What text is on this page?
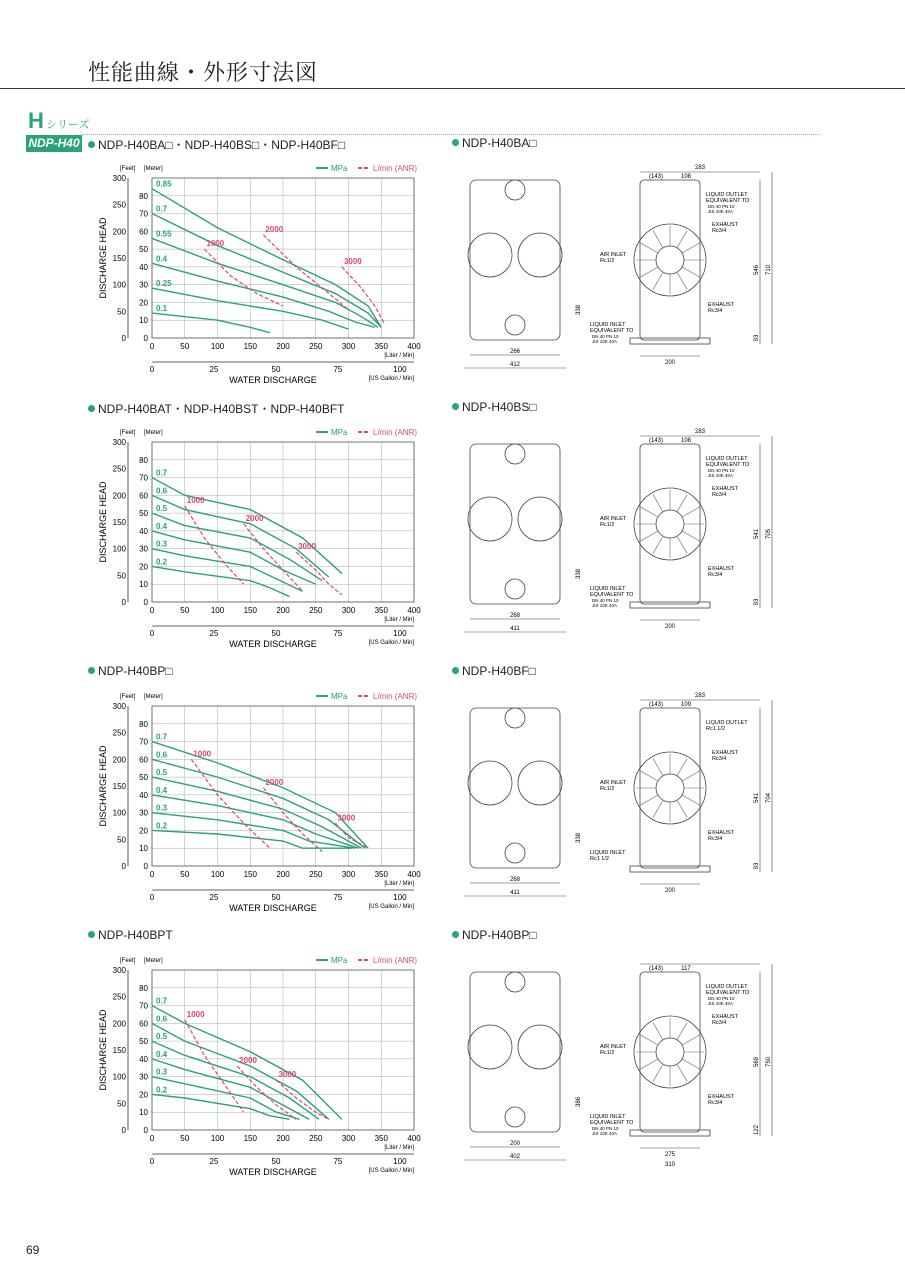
性能曲線・外形寸法図
H シリーズ
NDP-H40	NDP-H40BA□・NDP-H40BS□・NDP-H40BF□
NDP-H40BAT・NDP-H40BST・NDP-H40BFT
NDP-H40BP□
NDP-H40BPT
NDP-H40BA□
NDP-H40BS□
NDP-H40BF□
NDP-H40BP□
[Feet] [Meter]
300
250
200
150
100
50
0
80
70
60
50
40
30
20
10
0
DISCHARGE HEAD
0	50	100 150 200 250 300 350 400
[Liter / Min]
0	25	50	75	100
[US Gallon / Min]
WATER DISCHARGE
MPa	L/min (ANR)
0.85
0.7
0.55
0.4
0.25
0.1
1000
2000
3000
[Feet] [Meter]
300
250
200
150
100
50
0
80
70
60
50
40
30
20
10
0
DISCHARGE HEAD
0	50	100 150 200 250 300 350 400
[Liter / Min]
0	25	50	75	100
[US Gallon / Min]
WATER DISCHARGE
MPa	L/min (ANR)
0.7
0.6
0.5
0.4
0.3
0.2
1000
2000
3000
[Feet] [Meter]
300
250
200
150
100
50
0
80
70
60
50
40
30
20
10
0
DISCHARGE HEAD
0	50	100 150 200 250 300 350 400
[Liter / Min]
0	25	50	75	100
[US Gallon / Min]
WATER DISCHARGE
MPa	L/min (ANR)
0.7
0.6
0.5
0.4
0.3
0.2
1000
2000
3000
[Feet] [Meter]
300
250
200
150
100
50
0
80
70
60
50
40
30
20
10
0
DISCHARGE HEAD
0	50	100 150 200 250 300 350 400
[Liter / Min]
0	25	50	75	100
[US Gallon / Min]
WATER DISCHARGE
MPa	L/min (ANR)
0.7
0.6
0.5
0.4
0.3
0.2
1000
2000
3000
266
412
283
(143)	108
546 710
338
93
200
LIQUID OUTLET
EQUIVALENT TO
DN 40 PN 10
JIS 10K 40A
EXHAUST
Rc3/4
AIR INLET
Rc1/2
EXHAUST
Rc3/4
LIQUID INLET
EQUIVALENT TO
DN 40 PN 10
JIS 10K 40A
268
411
283
(143)	108
541 705
338
93
200
LIQUID OUTLET
EQUIVALENT TO
DN 40 PN 10
JIS 10K 40A
EXHAUST
Rc3/4
AIR INLET
Rc1/2
EXHAUST
Rc3/4
LIQUID INLET
EQUIVALENT TO
DN 40 PN 10
JIS 10K 40A
268
411
283
(143)	109
541 704
338
93
200
LIQUID OUTLET
Rc1 1/2
EXHAUST
Rc3/4
AIR INLET
Rc1/2
EXHAUST
Rc3/4
LIQUID INLET
Rc1 1/2
200
402
(143)	117
569 750
386
122
275
310
LIQUID OUTLET
EQUIVALENT TO
DN 40 PN 10
JIS 10K 40A
EXHAUST
Rc3/4
AIR INLET
Rc1/2
EXHAUST
Rc3/4
LIQUID INLET
EQUIVALENT TO
DN 40 PN 10
JIS 10K 40A
69
